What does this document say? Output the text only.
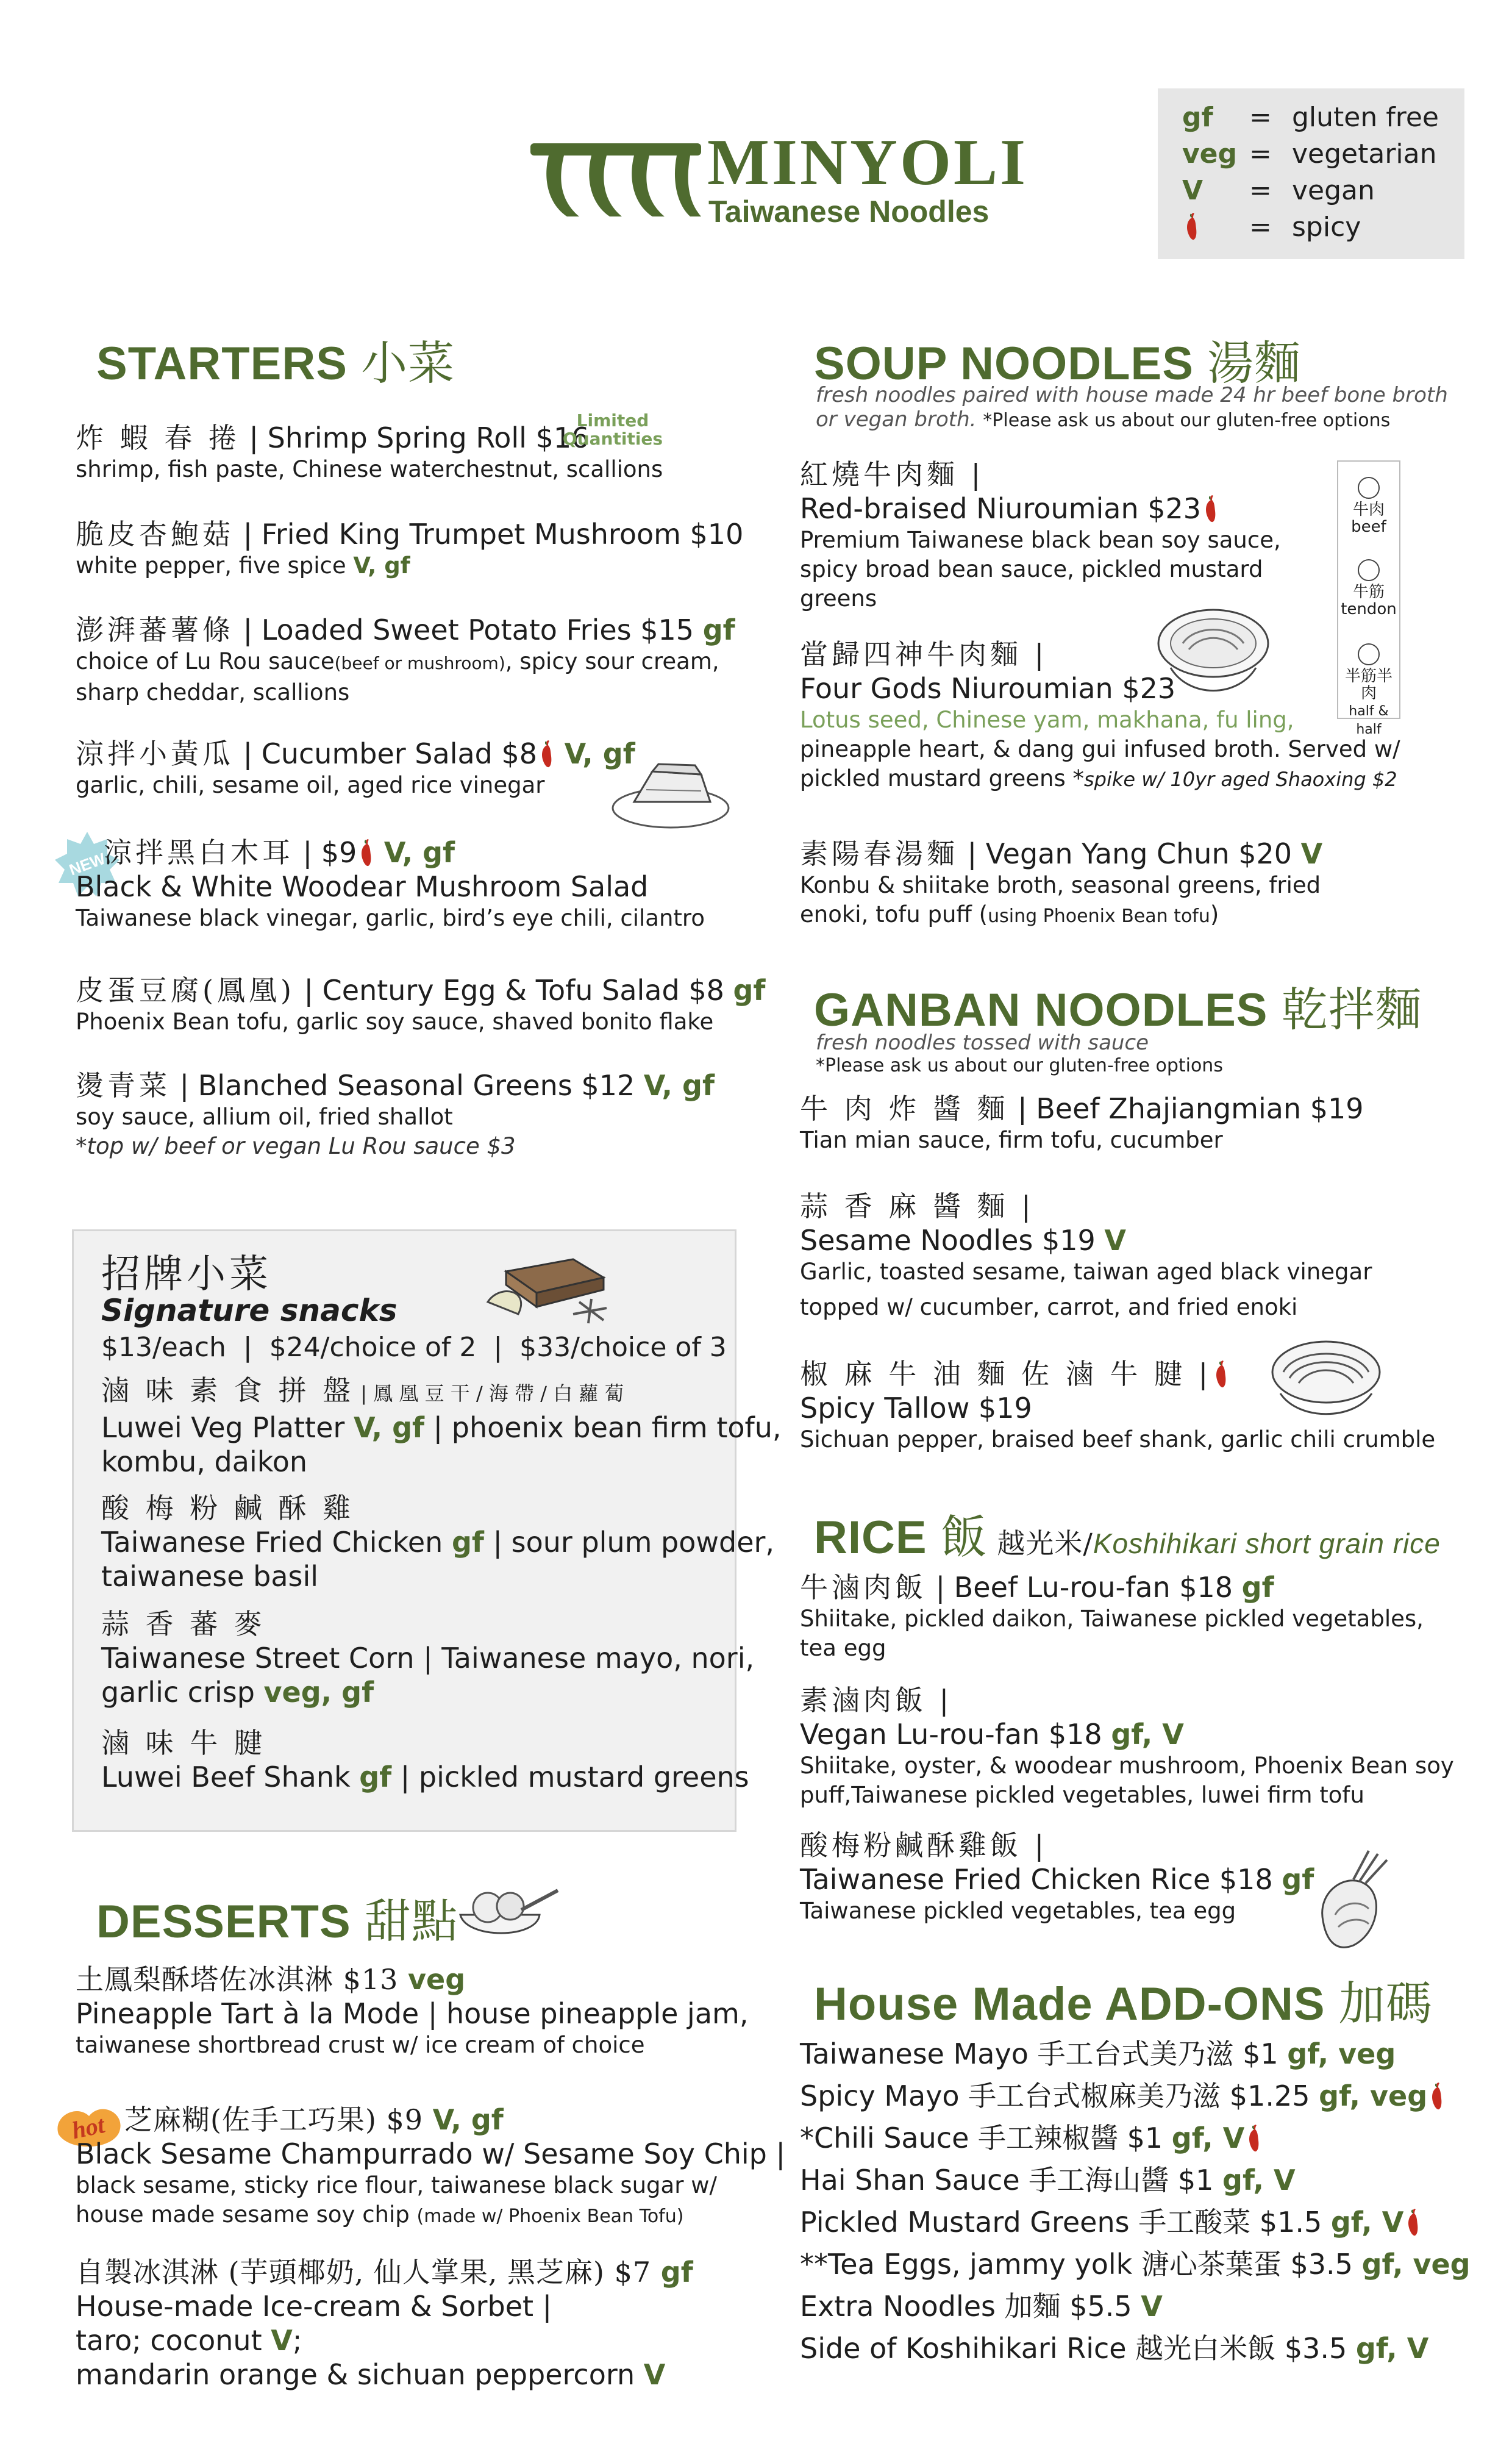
MINYOLI
Taiwanese Noodles
gf = gluten free
veg = vegetarian
V = vegan
= spicy
STARTERS 小菜
炸 蝦 春 捲 | Shrimp Spring Roll $16
shrimp, fish paste, Chinese waterchestnut, scallions
Limited
Quantities
脆皮杏鮑菇 | Fried King Trumpet Mushroom $10
white pepper, five spice V, gf
澎湃蕃薯條 | Loaded Sweet Potato Fries $15 gf
choice of Lu Rou sauce(beef or mushroom), spicy sour cream,
sharp cheddar, scallions
涼拌小黃瓜 | Cucumber Salad $8 V, gf
garlic, chili, sesame oil, aged rice vinegar
NEW
涼拌黑白木耳 | $9 V, gf
Black & White Woodear Mushroom Salad
Taiwanese black vinegar, garlic, bird’s eye chili, cilantro
皮蛋豆腐(鳳凰) | Century Egg & Tofu Salad $8 gf
Phoenix Bean tofu, garlic soy sauce, shaved bonito flake
燙青菜 | Blanched Seasonal Greens $12 V, gf
soy sauce, allium oil, fried shallot
*top w/ beef or vegan Lu Rou sauce $3
招牌小菜
Signature snacks
$13/each  |  $24/choice of 2  |  $33/choice of 3
滷 味 素 食 拼 盤 | 鳳 凰 豆 干 / 海 帶 / 白 蘿 蔔
Luwei Veg Platter V, gf | phoenix bean firm tofu,
kombu, daikon
酸 梅 粉 鹹 酥 雞
Taiwanese Fried Chicken gf | sour plum powder,
taiwanese basil
蒜 香 蕃 麥
Taiwanese Street Corn | Taiwanese mayo, nori,
garlic crisp veg, gf
滷 味 牛 腱
Luwei Beef Shank gf | pickled mustard greens
DESSERTS 甜點
土鳳梨酥塔佐冰淇淋 $13 veg
Pineapple Tart à la Mode | house pineapple jam,
taiwanese shortbread crust w/ ice cream of choice
hot 芝麻糊(佐手工巧果) $9 V, gf
Black Sesame Champurrado w/ Sesame Soy Chip |
black sesame, sticky rice flour, taiwanese black sugar w/
house made sesame soy chip (made w/ Phoenix Bean Tofu)
自製冰淇淋 (芋頭椰奶, 仙人掌果, 黑芝麻) $7 gf
House-made Ice-cream & Sorbet |
taro; coconut V;
mandarin orange & sichuan peppercorn V
SOUP NOODLES 湯麵
fresh noodles paired with house made 24 hr beef bone broth
or vegan broth. *Please ask us about our gluten-free options
牛肉
beef
牛筋
tendon
半筋半肉
half & half
紅燒牛肉麵 |
Red-braised Niuroumian $23
Premium Taiwanese black bean soy sauce,
spicy broad bean sauce, pickled mustard
greens
當歸四神牛肉麵 |
Four Gods Niuroumian $23
Lotus seed, Chinese yam, makhana, fu ling,
pineapple heart, & dang gui infused broth. Served w/
pickled mustard greens *spike w/ 10yr aged Shaoxing $2
素陽春湯麵 | Vegan Yang Chun $20 V
Konbu & shiitake broth, seasonal greens, fried
enoki, tofu puff (using Phoenix Bean tofu)
GANBAN NOODLES 乾拌麵
fresh noodles tossed with sauce
*Please ask us about our gluten-free options
牛 肉 炸 醬 麵 | Beef Zhajiangmian $19
Tian mian sauce, firm tofu, cucumber
蒜 香 麻 醬 麵 |
Sesame Noodles $19 V
Garlic, toasted sesame, taiwan aged black vinegar
topped w/ cucumber, carrot, and fried enoki
椒 麻 牛 油 麵 佐 滷 牛 腱 |
Spicy Tallow $19
Sichuan pepper, braised beef shank, garlic chili crumble
RICE 飯 越光米/Koshihikari short grain rice
牛滷肉飯 | Beef Lu-rou-fan $18 gf
Shiitake, pickled daikon, Taiwanese pickled vegetables,
tea egg
素滷肉飯 |
Vegan Lu-rou-fan $18 gf, V
Shiitake, oyster, & woodear mushroom, Phoenix Bean soy
puff,Taiwanese pickled vegetables, luwei firm tofu
酸梅粉鹹酥雞飯 |
Taiwanese Fried Chicken Rice $18 gf
Taiwanese pickled vegetables, tea egg
House Made ADD-ONS 加碼
Taiwanese Mayo 手工台式美乃滋 $1 gf, veg
Spicy Mayo 手工台式椒麻美乃滋 $1.25 gf, veg
*Chili Sauce 手工辣椒醬 $1 gf, V
Hai Shan Sauce 手工海山醬 $1 gf, V
Pickled Mustard Greens 手工酸菜 $1.5 gf, V
**Tea Eggs, jammy yolk 溏心茶葉蛋 $3.5 gf, veg
Extra Noodles 加麵 $5.5 V
Side of Koshihikari Rice 越光白米飯 $3.5 gf, V
